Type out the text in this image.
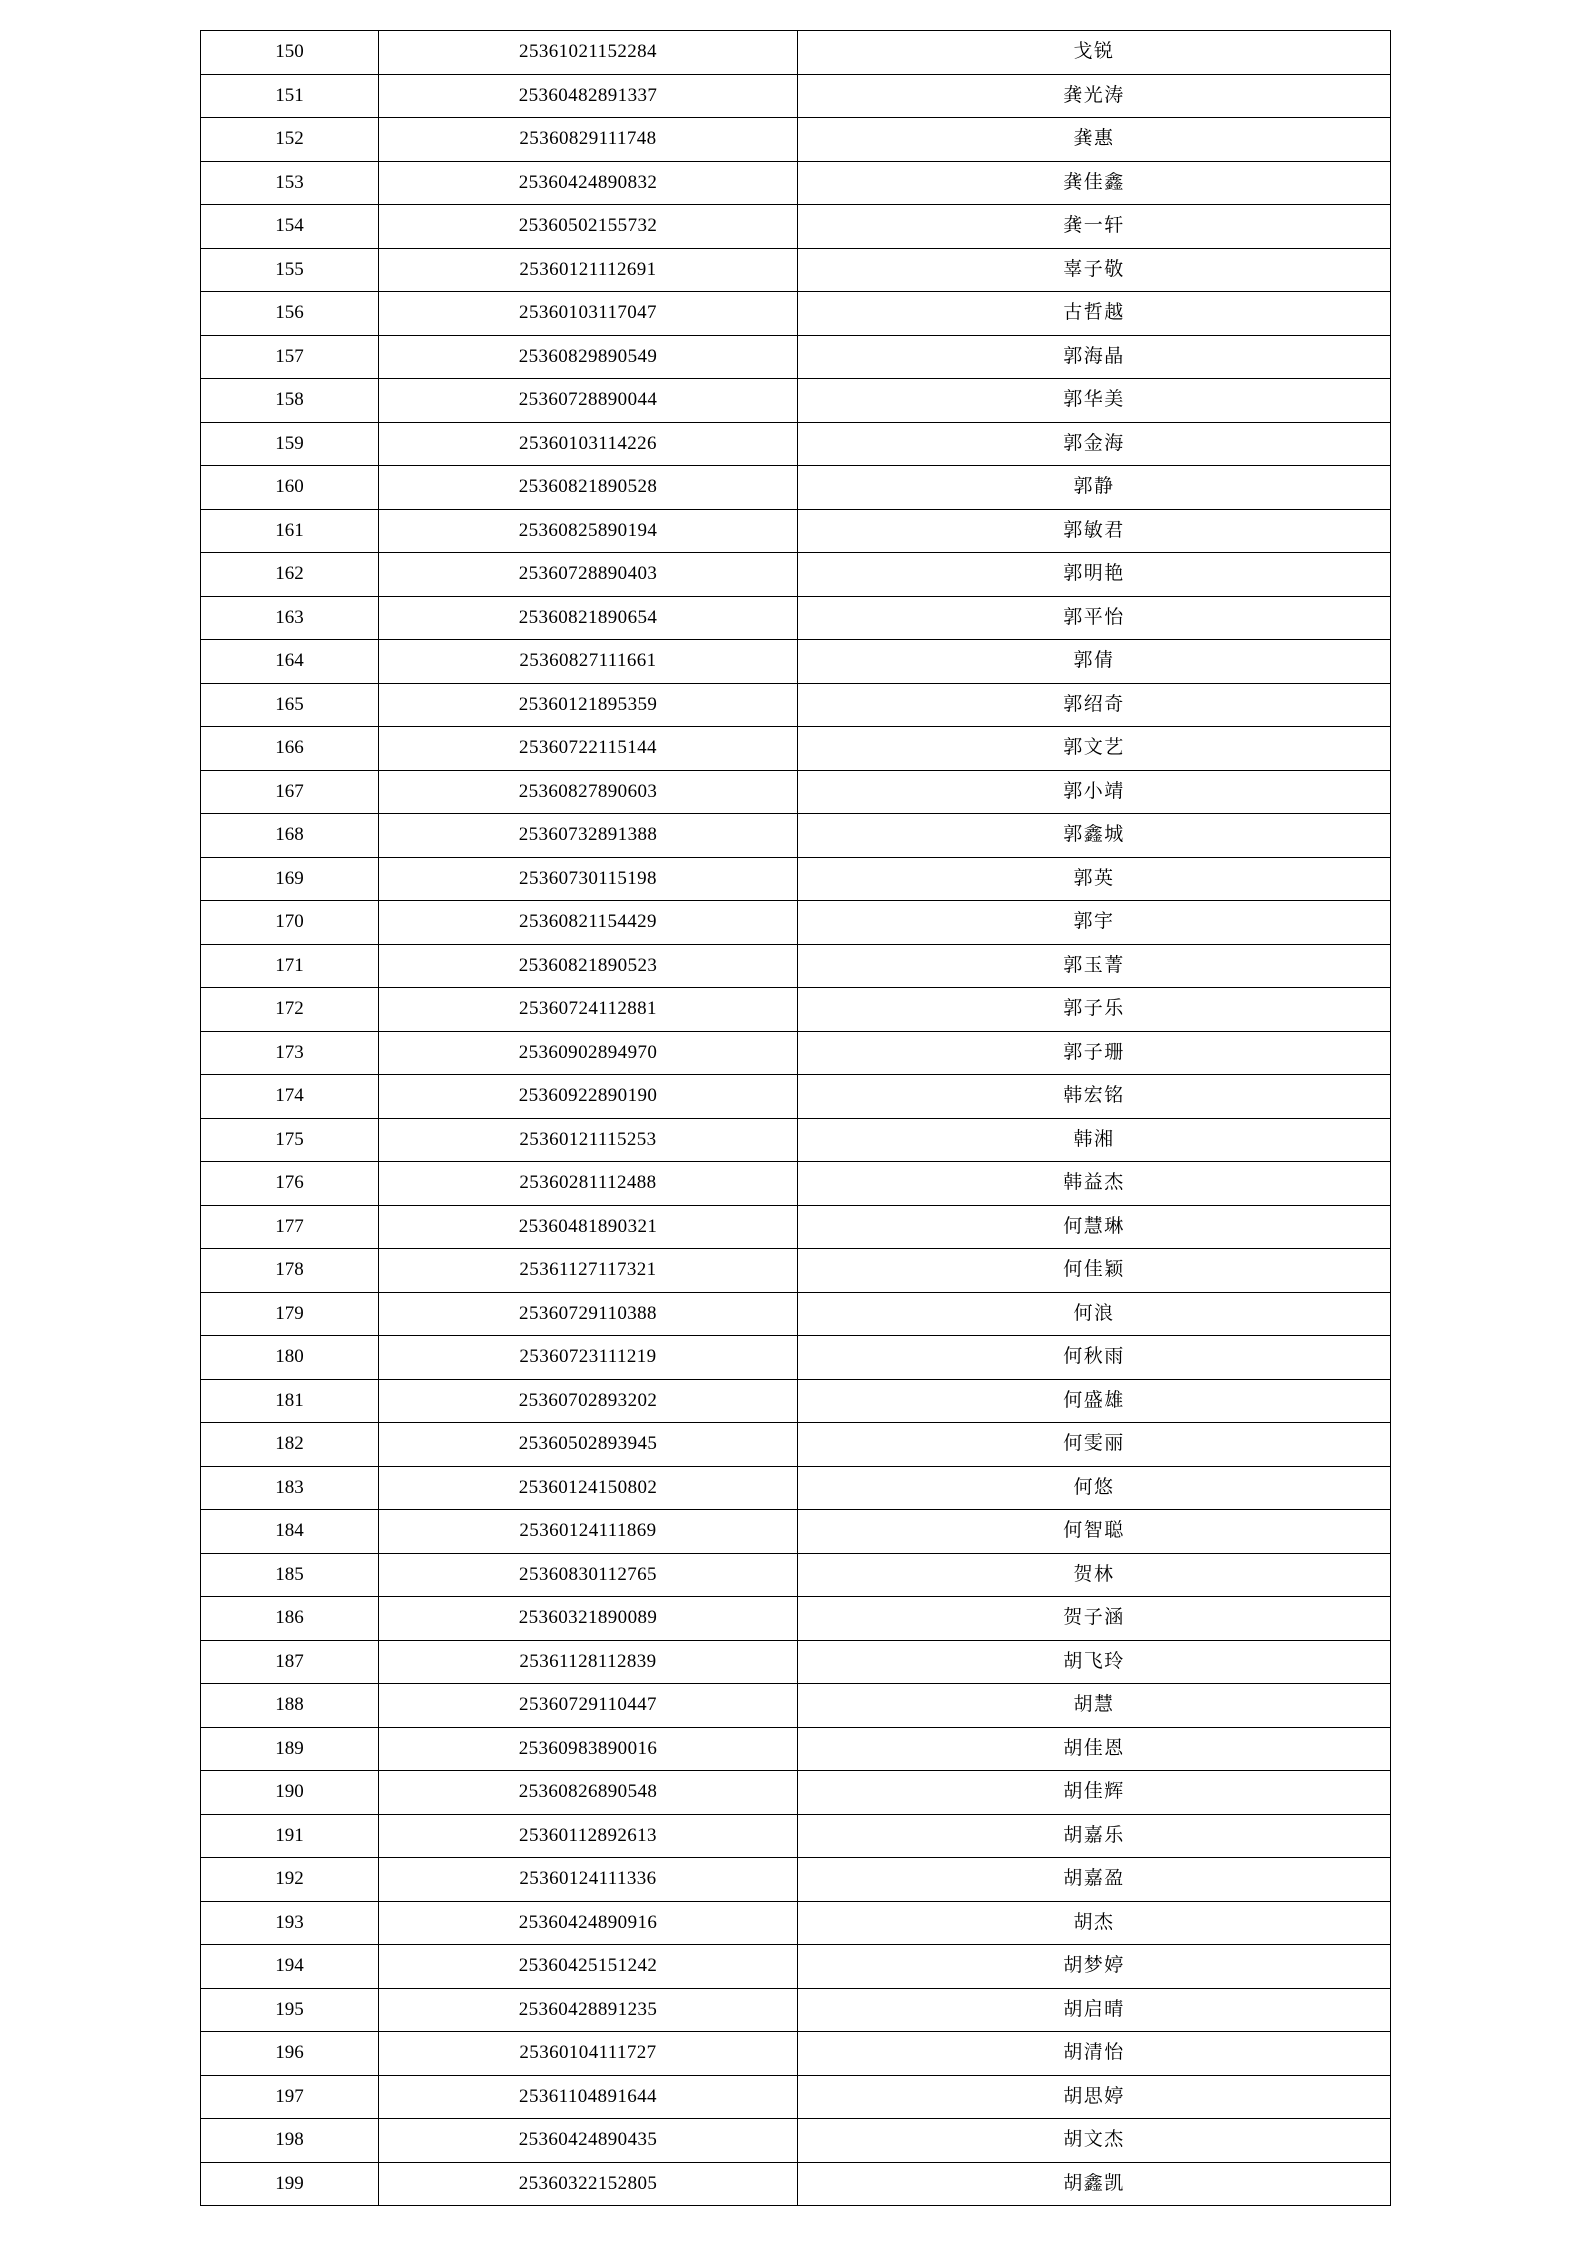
150	25361021152284	戈锐
151	25360482891337	龚光涛
152	25360829111748	龚惠
153	25360424890832	龚佳鑫
154	25360502155732	龚一轩
155	25360121112691	辜子敬
156	25360103117047	古哲越
157	25360829890549	郭海晶
158	25360728890044	郭华美
159	25360103114226	郭金海
160	25360821890528	郭静
161	25360825890194	郭敏君
162	25360728890403	郭明艳
163	25360821890654	郭平怡
164	25360827111661	郭倩
165	25360121895359	郭绍奇
166	25360722115144	郭文艺
167	25360827890603	郭小靖
168	25360732891388	郭鑫城
169	25360730115198	郭英
170	25360821154429	郭宇
171	25360821890523	郭玉菁
172	25360724112881	郭子乐
173	25360902894970	郭子珊
174	25360922890190	韩宏铭
175	25360121115253	韩湘
176	25360281112488	韩益杰
177	25360481890321	何慧琳
178	25361127117321	何佳颖
179	25360729110388	何浪
180	25360723111219	何秋雨
181	25360702893202	何盛雄
182	25360502893945	何雯丽
183	25360124150802	何悠
184	25360124111869	何智聪
185	25360830112765	贺林
186	25360321890089	贺子涵
187	25361128112839	胡飞玲
188	25360729110447	胡慧
189	25360983890016	胡佳恩
190	25360826890548	胡佳辉
191	25360112892613	胡嘉乐
192	25360124111336	胡嘉盈
193	25360424890916	胡杰
194	25360425151242	胡梦婷
195	25360428891235	胡启晴
196	25360104111727	胡清怡
197	25361104891644	胡思婷
198	25360424890435	胡文杰
199	25360322152805	胡鑫凯
